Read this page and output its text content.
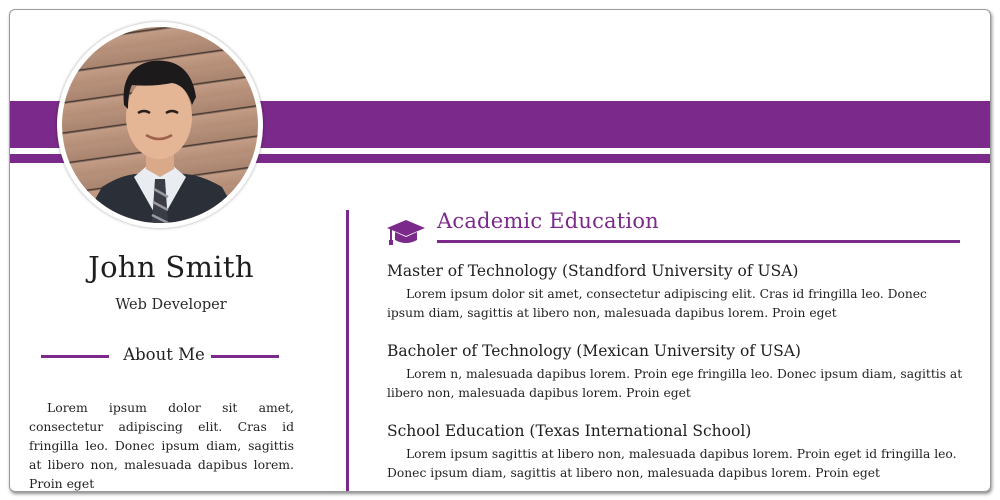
John Smith
Web Developer
About Me

Lorem ipsum dolor sit amet, consectetur adipiscing elit. Cras id fringilla leo. Donec ipsum diam, sagittis at libero non, malesuada dapibus lorem. Proin eget

Academic Education
Master of Technology (Standford University of USA)

Lorem ipsum dolor sit amet, consectetur adipiscing elit. Cras id fringilla leo. Donec ipsum diam, sagittis at libero non, malesuada dapibus lorem. Proin eget

Bacholer of Technology (Mexican University of USA)

Lorem n, malesuada dapibus lorem. Proin ege fringilla leo. Donec ipsum diam, sagittis at libero non, malesuada dapibus lorem. Proin eget

School Education (Texas International School)

Lorem ipsum sagittis at libero non, malesuada dapibus lorem. Proin eget id fringilla leo. Donec ipsum diam, sagittis at libero non, malesuada dapibus lorem. Proin eget
